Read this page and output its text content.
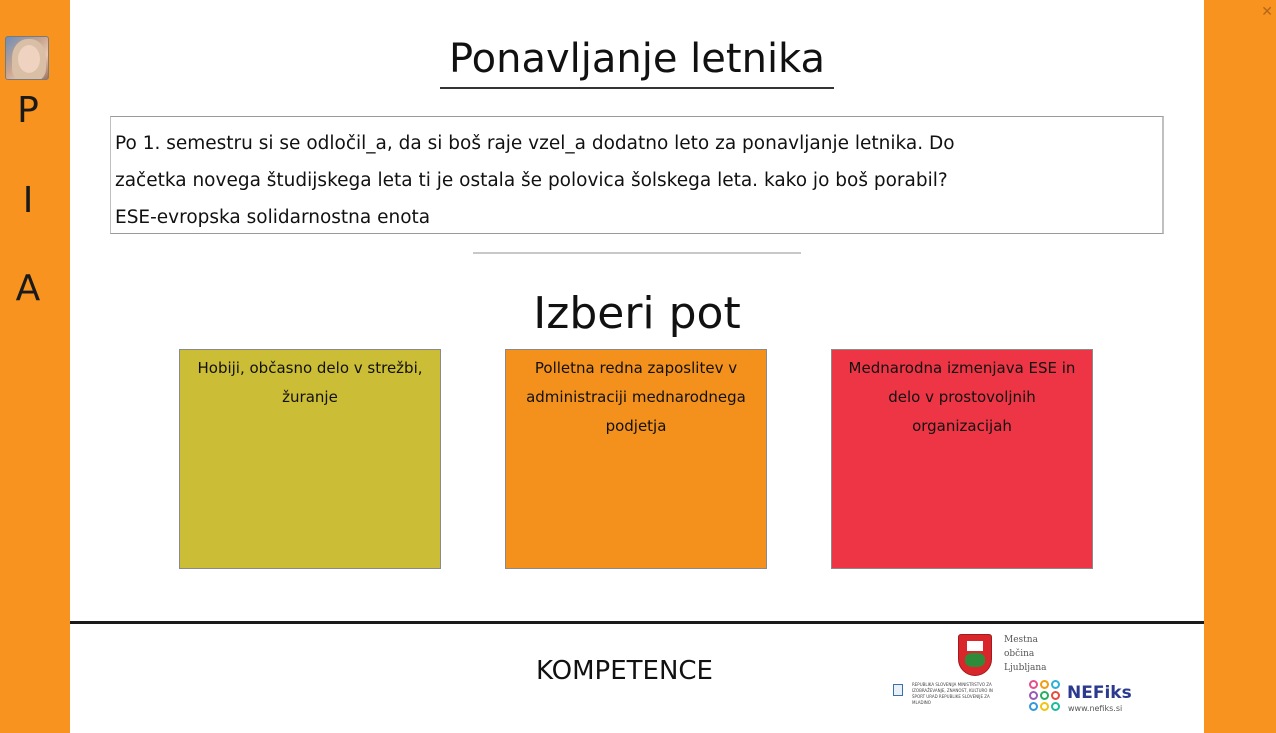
P
I
A
✕
Ponavljanje letnika
Po 1. semestru si se odločil_a, da si boš raje vzel_a dodatno leto za ponavljanje letnika. Do
začetka novega študijskega leta ti je ostala še polovica šolskega leta. kako jo boš porabil?
ESE-evropska solidarnostna enota
Izberi pot
Hobiji, občasno delo v strežbi, žuranje
Polletna redna zaposlitev v administraciji mednarodnega podjetja
Mednarodna izmenjava ESE in delo v prostovoljnih organizacijah
KOMPETENCE
Mestna občina Ljubljana
REPUBLIKA SLOVENIJA MINISTRSTVO ZA IZOBRAŽEVANJE, ZNANOST, KULTURO IN ŠPORT URAD REPUBLIKE SLOVENIJE ZA MLADINO	NEFiks
www.nefiks.si
